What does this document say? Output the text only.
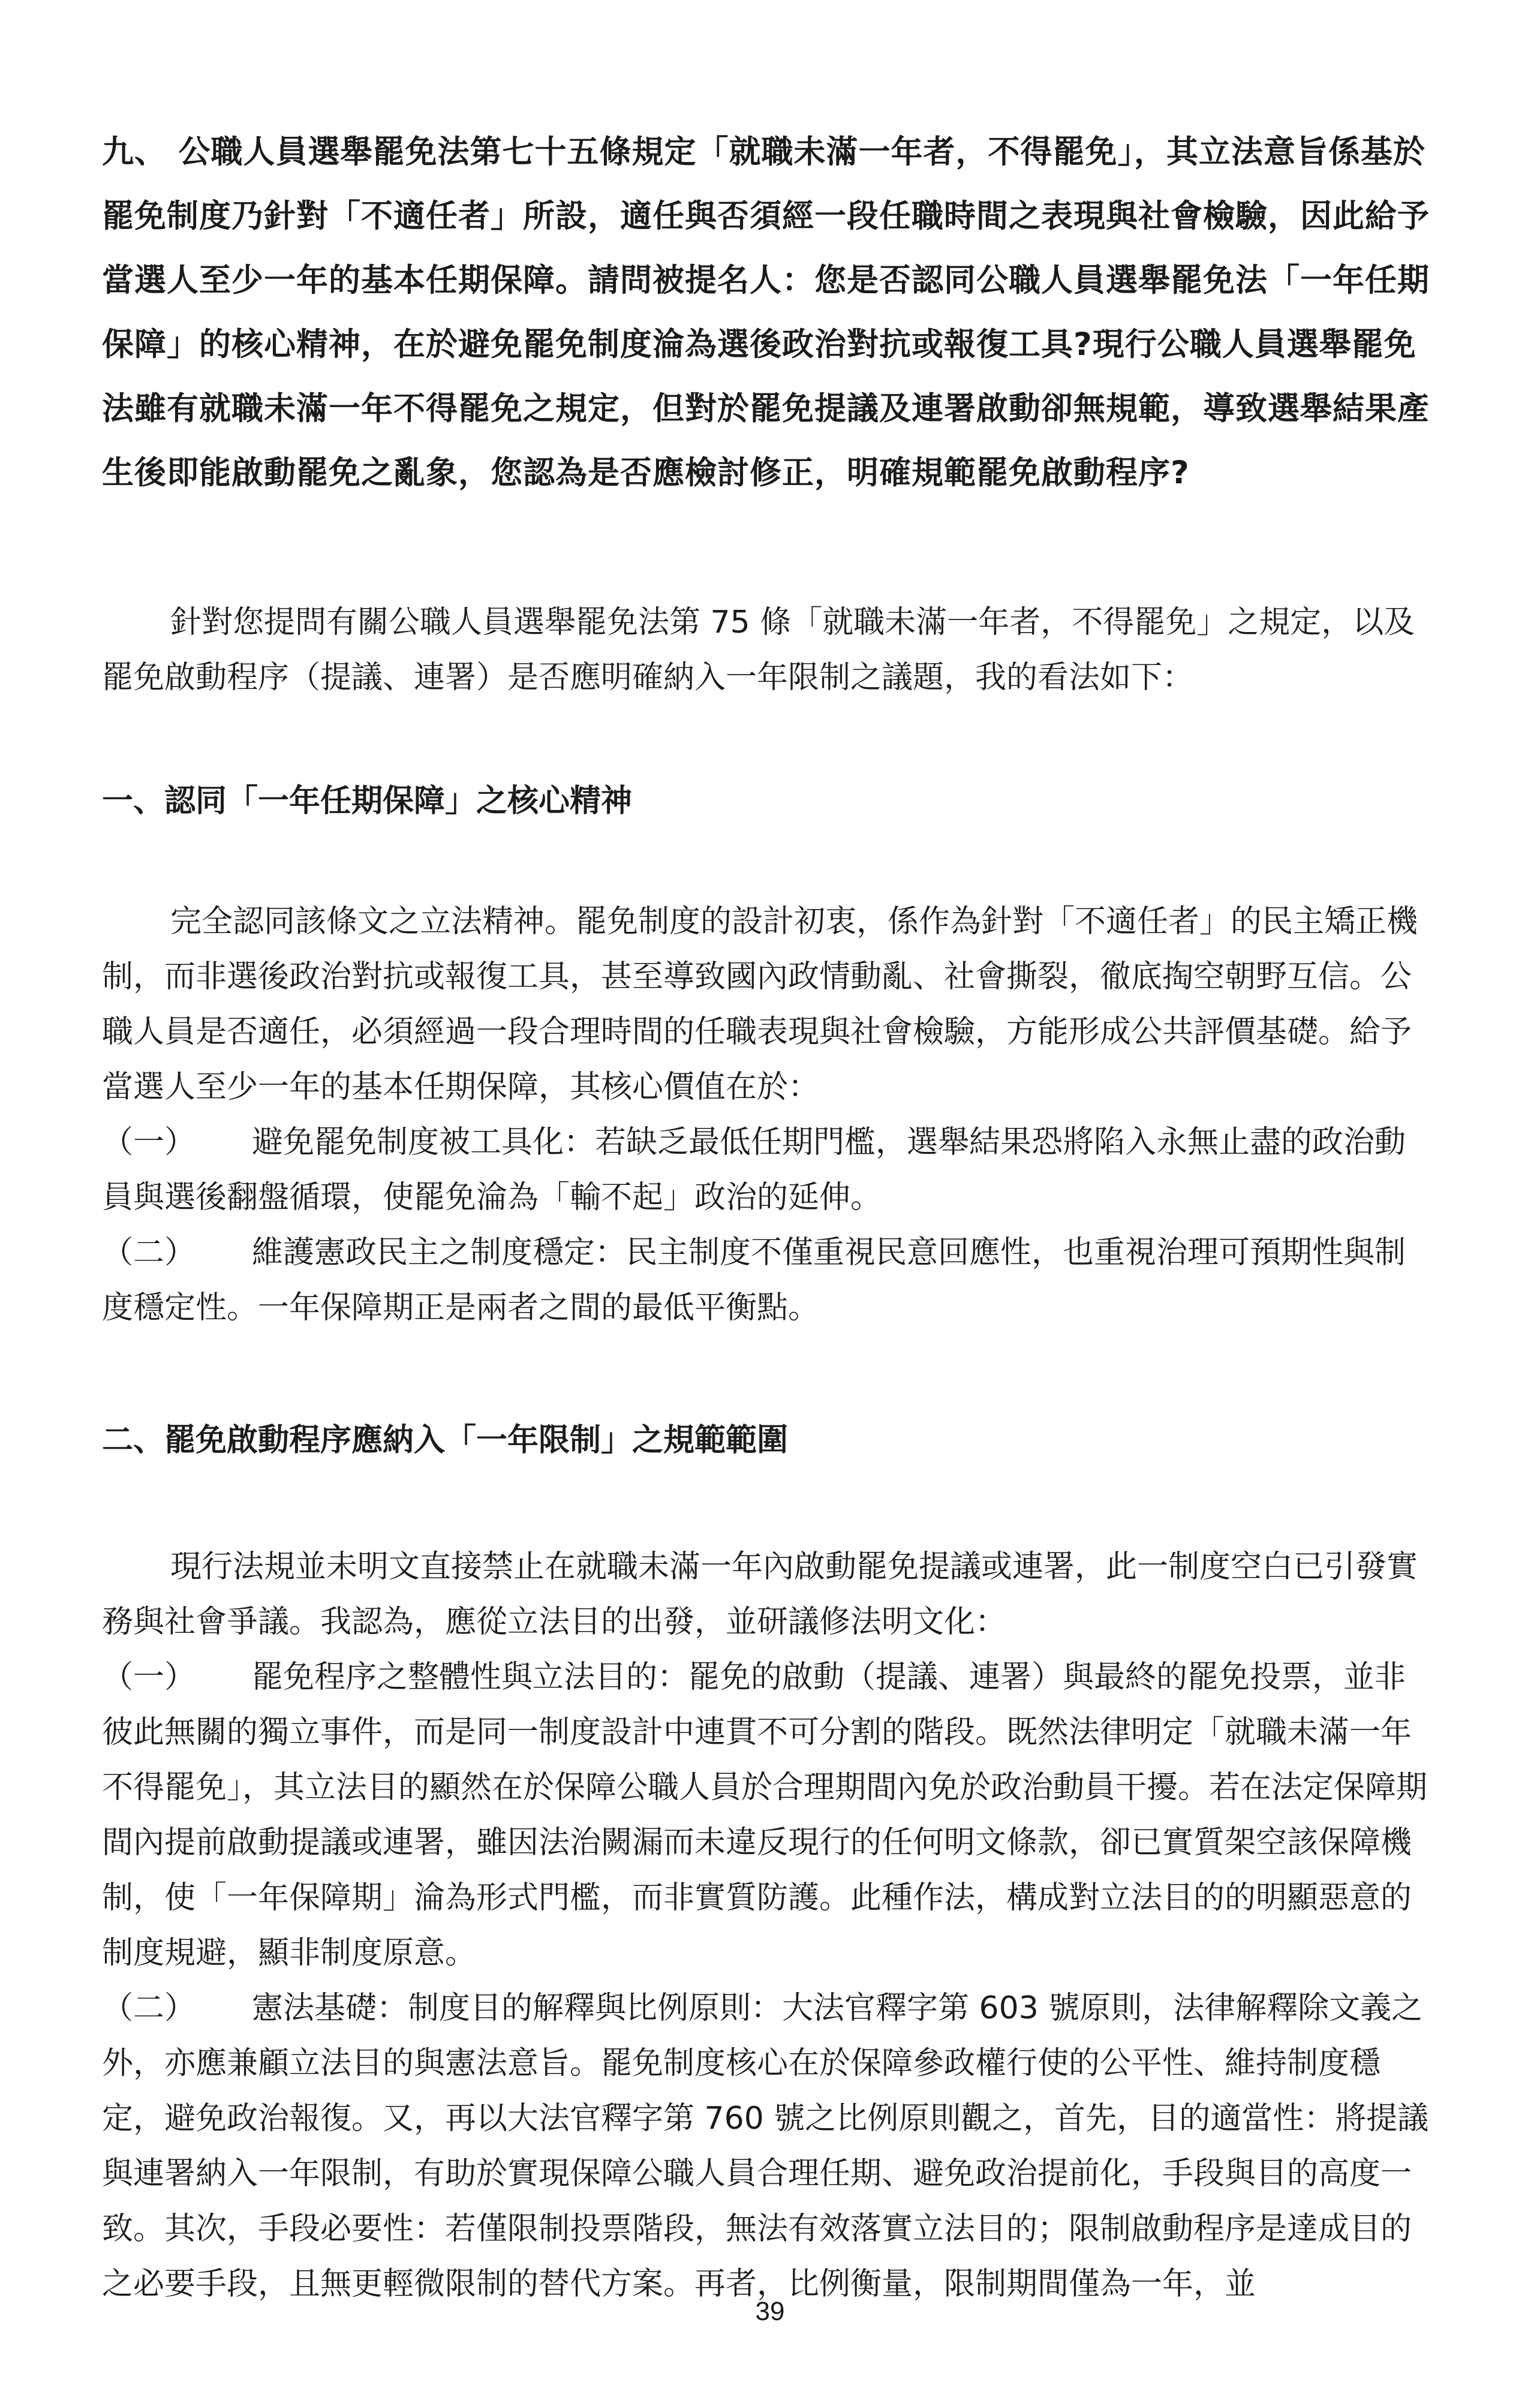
九、 公職人員選舉罷免法第七十五條規定「就職未滿一年者，不得罷免」，其立法意旨係基於罷免制度乃針對「不適任者」所設，適任與否須經一段任職時間之表現與社會檢驗，因此給予當選人至少一年的基本任期保障。請問被提名人：您是否認同公職人員選舉罷免法「一年任期保障」的核心精神，在於避免罷免制度淪為選後政治對抗或報復工具?現行公職人員選舉罷免法雖有就職未滿一年不得罷免之規定，但對於罷免提議及連署啟動卻無規範，導致選舉結果產生後即能啟動罷免之亂象，您認為是否應檢討修正，明確規範罷免啟動程序?

針對您提問有關公職人員選舉罷免法第 75 條「就職未滿一年者，不得罷免」之規定，以及罷免啟動程序（提議、連署）是否應明確納入一年限制之議題，我的看法如下：

一、認同「一年任期保障」之核心精神

完全認同該條文之立法精神。罷免制度的設計初衷，係作為針對「不適任者」的民主矯正機制，而非選後政治對抗或報復工具，甚至導致國內政情動亂、社會撕裂，徹底掏空朝野互信。公職人員是否適任，必須經過一段合理時間的任職表現與社會檢驗，方能形成公共評價基礎。給予當選人至少一年的基本任期保障，其核心價值在於：

（一） 避免罷免制度被工具化：若缺乏最低任期門檻，選舉結果恐將陷入永無止盡的政治動員與選後翻盤循環，使罷免淪為「輸不起」政治的延伸。

（二） 維護憲政民主之制度穩定：民主制度不僅重視民意回應性，也重視治理可預期性與制度穩定性。一年保障期正是兩者之間的最低平衡點。

二、罷免啟動程序應納入「一年限制」之規範範圍

現行法規並未明文直接禁止在就職未滿一年內啟動罷免提議或連署，此一制度空白已引發實務與社會爭議。我認為，應從立法目的出發，並研議修法明文化：

（一） 罷免程序之整體性與立法目的：罷免的啟動（提議、連署）與最終的罷免投票，並非彼此無關的獨立事件，而是同一制度設計中連貫不可分割的階段。既然法律明定「就職未滿一年不得罷免」，其立法目的顯然在於保障公職人員於合理期間內免於政治動員干擾。若在法定保障期間內提前啟動提議或連署，雖因法治闕漏而未違反現行的任何明文條款，卻已實質架空該保障機制，使「一年保障期」淪為形式門檻，而非實質防護。此種作法，構成對立法目的的明顯惡意的制度規避，顯非制度原意。

（二） 憲法基礎：制度目的解釋與比例原則：大法官釋字第 603 號原則，法律解釋除文義之外，亦應兼顧立法目的與憲法意旨。罷免制度核心在於保障參政權行使的公平性、維持制度穩定，避免政治報復。又，再以大法官釋字第 760 號之比例原則觀之，首先，目的適當性：將提議與連署納入一年限制，有助於實現保障公職人員合理任期、避免政治提前化，手段與目的高度一致。其次，手段必要性：若僅限制投票階段，無法有效落實立法目的；限制啟動程序是達成目的之必要手段，且無更輕微限制的替代方案。再者，比例衡量，限制期間僅為一年，並

39
